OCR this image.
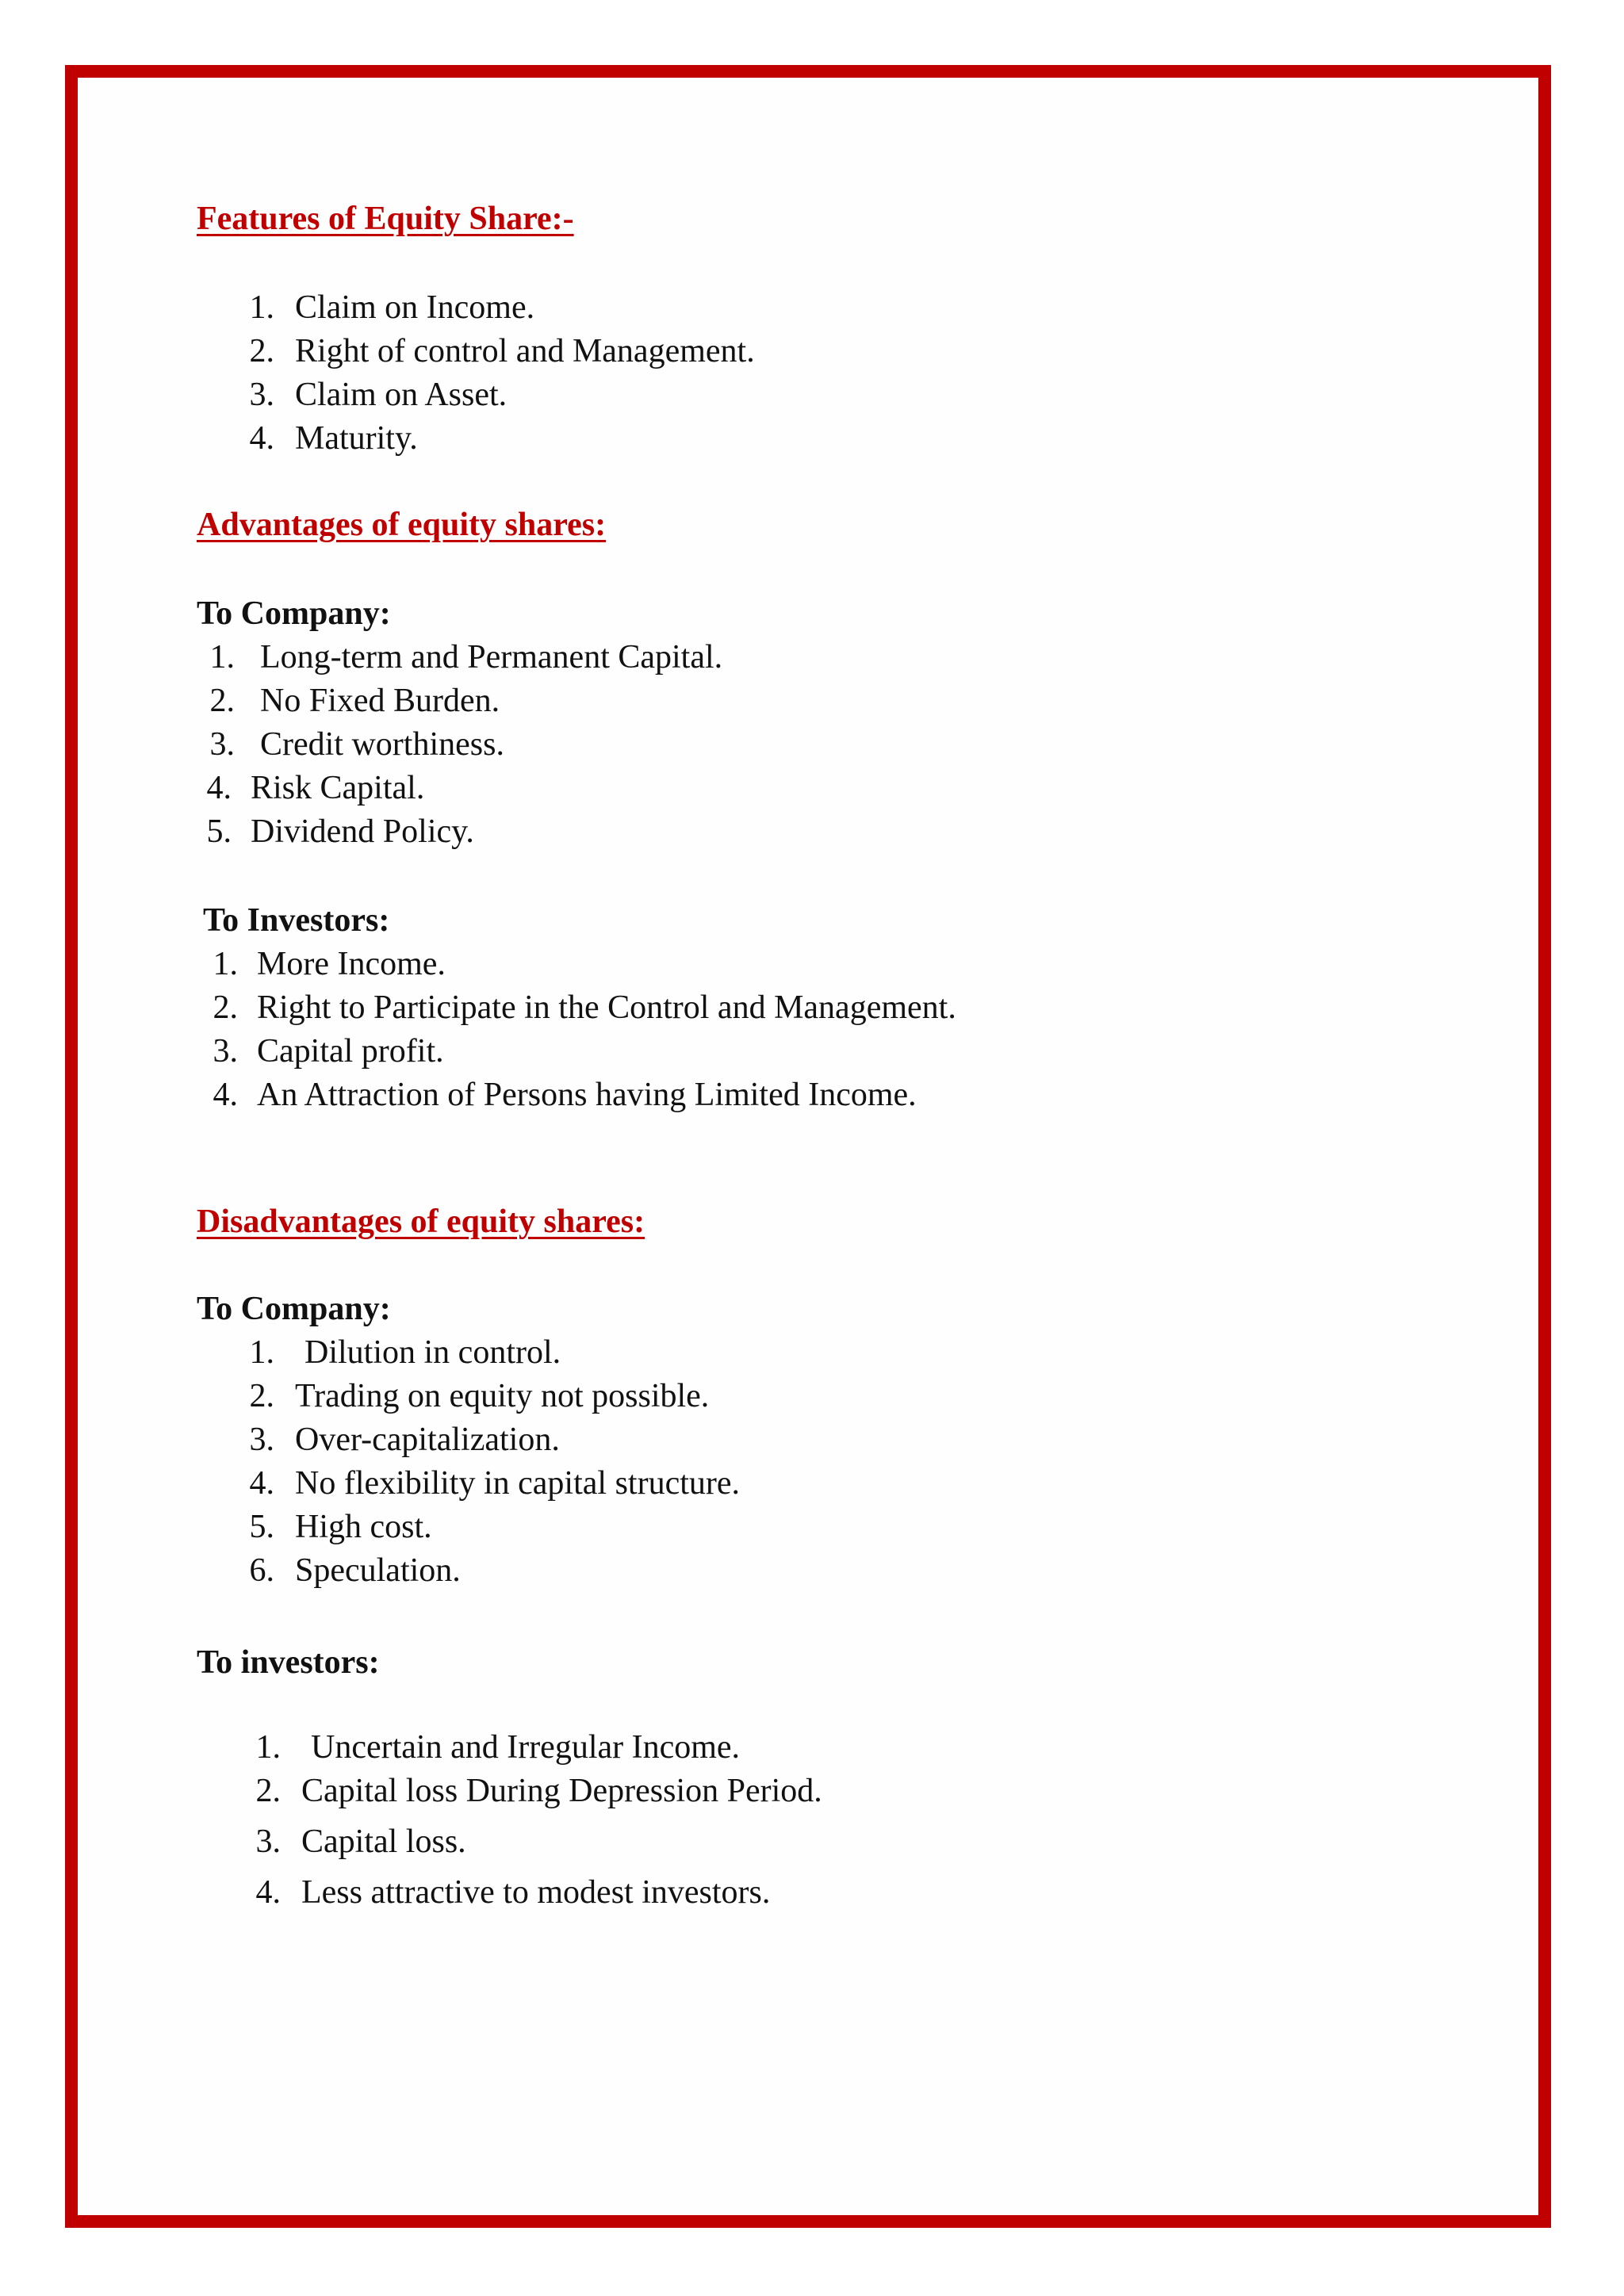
Features of Equity Share:-
1. Claim on Income.
2. Right of control and Management.
3. Claim on Asset.
4. Maturity.
Advantages of equity shares:
To Company:
1. Long-term and Permanent Capital.
2. No Fixed Burden.
3. Credit worthiness.
4. Risk Capital.
5. Dividend Policy.
To Investors:
1. More Income.
2. Right to Participate in the Control and Management.
3. Capital profit.
4. An Attraction of Persons having Limited Income.
Disadvantages of equity shares:
To Company:
1. Dilution in control.
2. Trading on equity not possible.
3. Over-capitalization.
4. No flexibility in capital structure.
5. High cost.
6. Speculation.
To investors:
1. Uncertain and Irregular Income.
2. Capital loss During Depression Period.
3. Capital loss.
4. Less attractive to modest investors.
